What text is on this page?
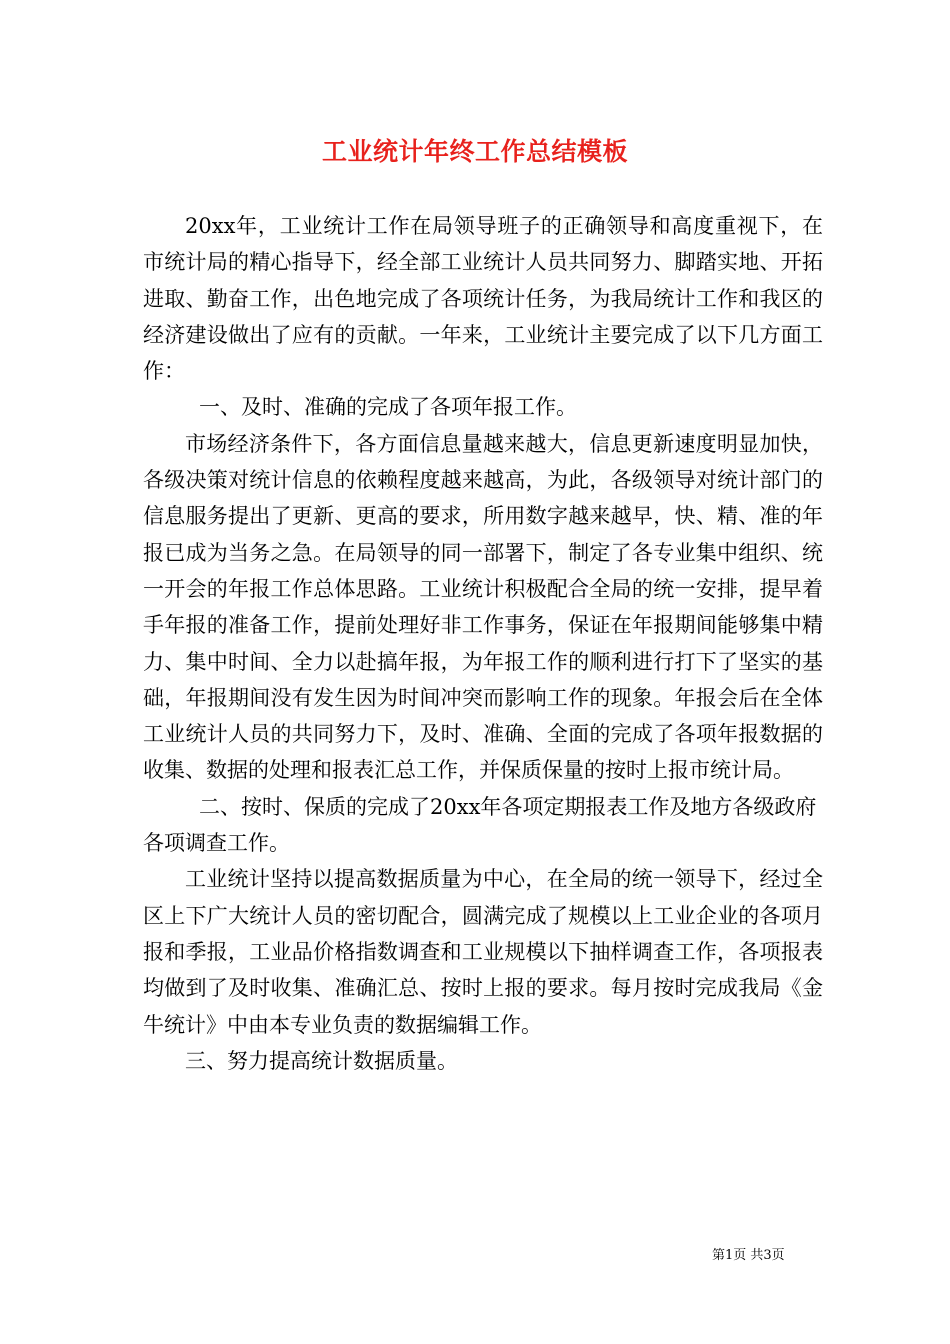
工业统计年终工作总结模板

20xx年，工业统计工作在局领导班子的正确领导和高度重视下，在市统计局的精心指导下，经全部工业统计人员共同努力、脚踏实地、开拓进取、勤奋工作，出色地完成了各项统计任务，为我局统计工作和我区的经济建设做出了应有的贡献。一年来，工业统计主要完成了以下几方面工作：

一、及时、准确的完成了各项年报工作。

市场经济条件下，各方面信息量越来越大，信息更新速度明显加快，各级决策对统计信息的依赖程度越来越高，为此，各级领导对统计部门的信息服务提出了更新、更高的要求，所用数字越来越早，快、精、准的年报已成为当务之急。在局领导的同一部署下，制定了各专业集中组织、统一开会的年报工作总体思路。工业统计积极配合全局的统一安排，提早着手年报的准备工作，提前处理好非工作事务，保证在年报期间能够集中精力、集中时间、全力以赴搞年报，为年报工作的顺利进行打下了坚实的基础，年报期间没有发生因为时间冲突而影响工作的现象。年报会后在全体工业统计人员的共同努力下，及时、准确、全面的完成了各项年报数据的收集、数据的处理和报表汇总工作，并保质保量的按时上报市统计局。

二、按时、保质的完成了20xx年各项定期报表工作及地方各级政府各项调查工作。

工业统计坚持以提高数据质量为中心，在全局的统一领导下，经过全区上下广大统计人员的密切配合，圆满完成了规模以上工业企业的各项月报和季报，工业品价格指数调查和工业规模以下抽样调查工作，各项报表均做到了及时收集、准确汇总、按时上报的要求。每月按时完成我局《金牛统计》中由本专业负责的数据编辑工作。

三、努力提高统计数据质量。

第1页 共3页
